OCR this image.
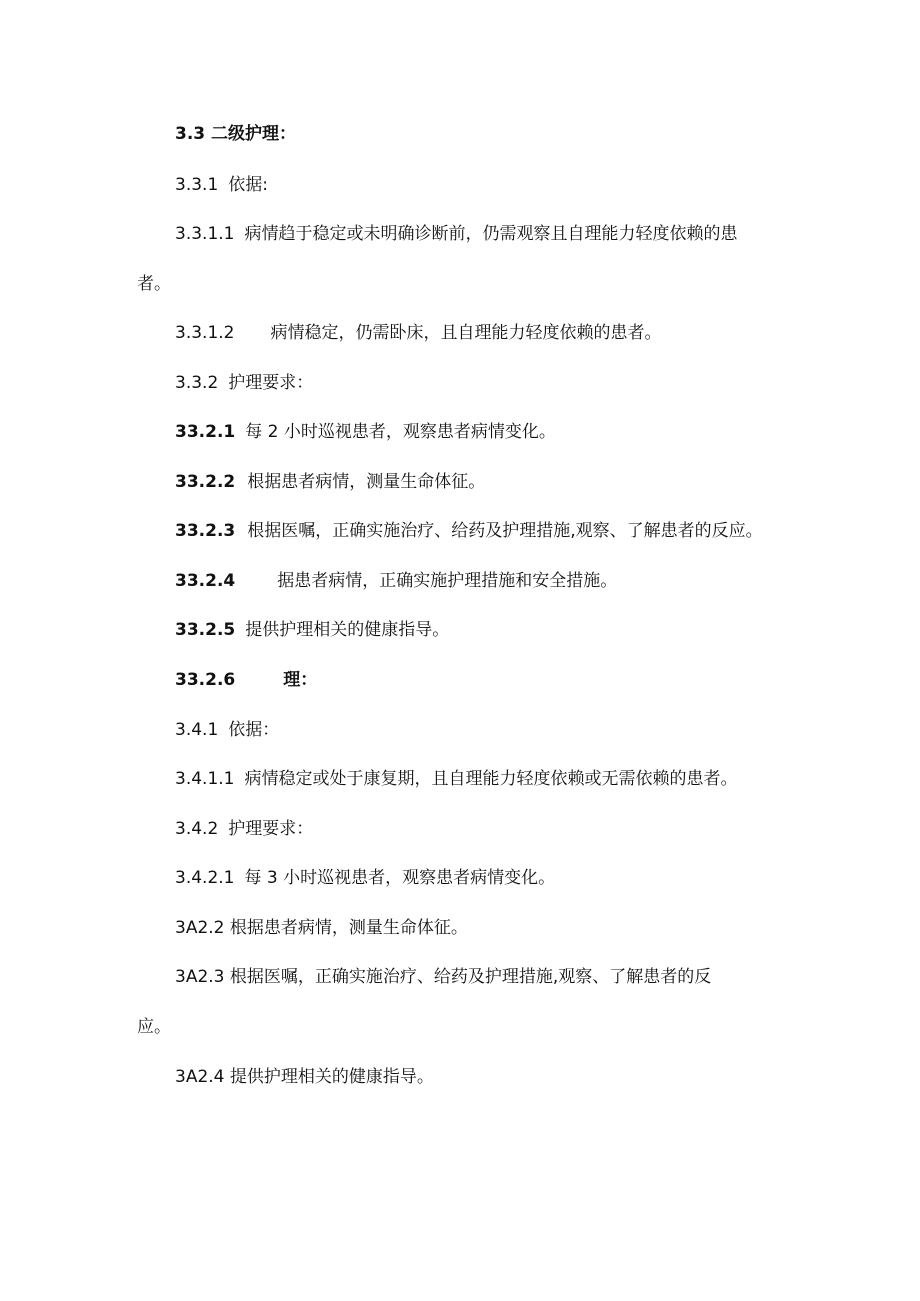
3.3 二级护理：
3.3.1 依据:
3.3.1.1 病情趋于稳定或未明确诊断前，仍需观察且自理能力轻度依赖的患
者。
3.3.1.2 病情稳定，仍需卧床，且自理能力轻度依赖的患者。
3.3.2 护理要求：
33.2.1 每 2 小时巡视患者，观察患者病情变化。
33.2.2 根据患者病情，测量生命体征。
33.2.3 根据医嘱，正确实施治疗、给药及护理措施,观察、了解患者的反应。
33.2.4 据患者病情，正确实施护理措施和安全措施。
33.2.5 提供护理相关的健康指导。
33.2.6	理：
3.4.1 依据：
3.4.1.1 病情稳定或处于康复期，且自理能力轻度依赖或无需依赖的患者。
3.4.2 护理要求：
3.4.2.1 每 3 小时巡视患者，观察患者病情变化。
3A2.2 根据患者病情，测量生命体征。
3A2.3 根据医嘱，正确实施治疗、给药及护理措施,观察、了解患者的反
应。
3A2.4 提供护理相关的健康指导。
